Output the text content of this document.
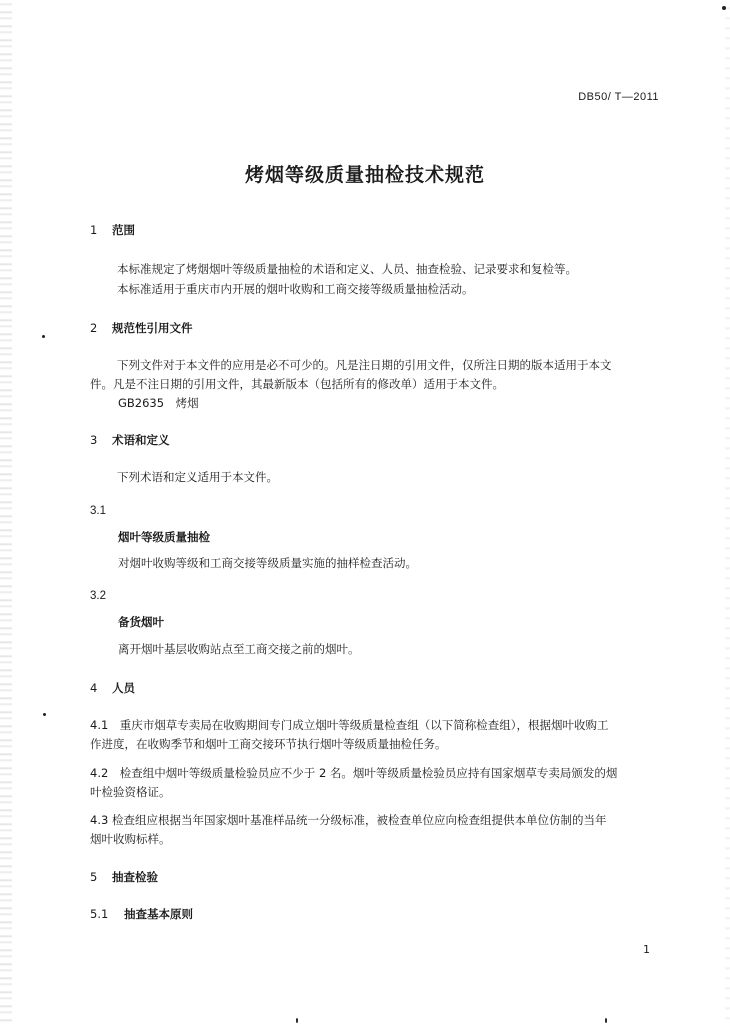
DB50/ T—2011
烤烟等级质量抽检技术规范
1 范围
本标准规定了烤烟烟叶等级质量抽检的术语和定义、人员、抽查检验、记录要求和复检等。
本标准适用于重庆市内开展的烟叶收购和工商交接等级质量抽检活动。
2 规范性引用文件
下列文件对于本文件的应用是必不可少的。凡是注日期的引用文件，仅所注日期的版本适用于本文
件。凡是不注日期的引用文件，其最新版本（包括所有的修改单）适用于本文件。
GB2635　烤烟
3 术语和定义
下列术语和定义适用于本文件。
3.1
烟叶等级质量抽检
对烟叶收购等级和工商交接等级质量实施的抽样检查活动。
3.2
备货烟叶
离开烟叶基层收购站点至工商交接之前的烟叶。
4 人员
4.1　重庆市烟草专卖局在收购期间专门成立烟叶等级质量检查组（以下简称检查组），根据烟叶收购工
作进度，在收购季节和烟叶工商交接环节执行烟叶等级质量抽检任务。
4.2　检查组中烟叶等级质量检验员应不少于 2 名。烟叶等级质量检验员应持有国家烟草专卖局颁发的烟
叶检验资格证。
4.3 检查组应根据当年国家烟叶基准样品统一分级标准，被检查单位应向检查组提供本单位仿制的当年
烟叶收购标样。
5 抽查检验
5.1 抽查基本原则
1
